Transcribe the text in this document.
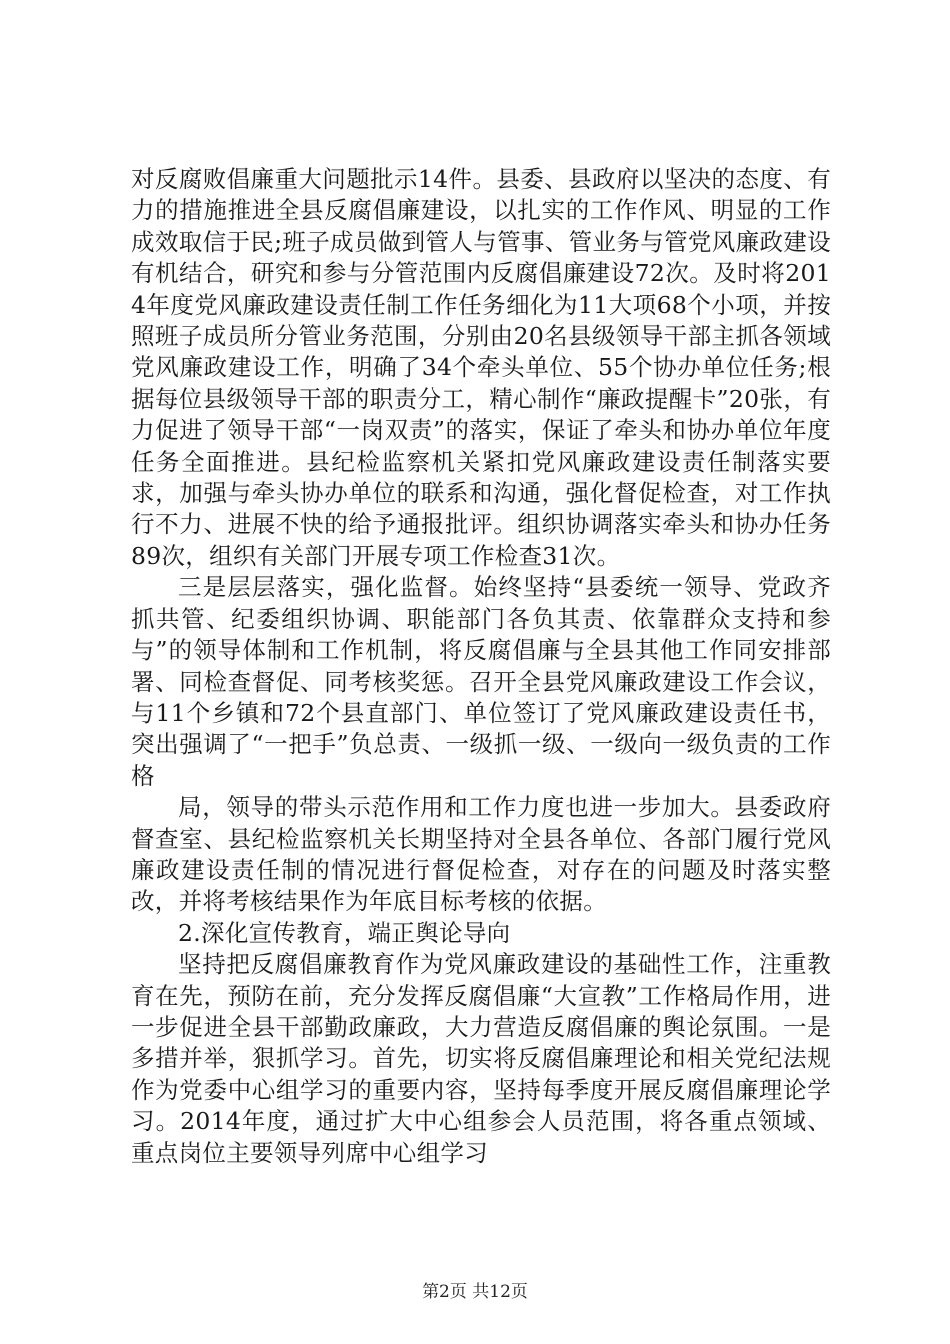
对反腐败倡廉重大问题批示14件。县委、县政府以坚决的态度、有力的措施推进全县反腐倡廉建设，以扎实的工作作风、明显的工作成效取信于民;班子成员做到管人与管事、管业务与管党风廉政建设有机结合，研究和参与分管范围内反腐倡廉建设72次。及时将2014年度党风廉政建设责任制工作任务细化为11大项68个小项，并按照班子成员所分管业务范围，分别由20名县级领导干部主抓各领域党风廉政建设工作，明确了34个牵头单位、55个协办单位任务;根据每位县级领导干部的职责分工，精心制作“廉政提醒卡”20张，有力促进了领导干部“一岗双责”的落实，保证了牵头和协办单位年度任务全面推进。县纪检监察机关紧扣党风廉政建设责任制落实要求，加强与牵头协办单位的联系和沟通，强化督促检查，对工作执行不力、进展不快的给予通报批评。组织协调落实牵头和协办任务89次，组织有关部门开展专项工作检查31次。

三是层层落实，强化监督。始终坚持“县委统一领导、党政齐抓共管、纪委组织协调、职能部门各负其责、依靠群众支持和参与”的领导体制和工作机制，将反腐倡廉与全县其他工作同安排部署、同检查督促、同考核奖惩。召开全县党风廉政建设工作会议，与11个乡镇和72个县直部门、单位签订了党风廉政建设责任书，突出强调了“一把手”负总责、一级抓一级、一级向一级负责的工作格

局，领导的带头示范作用和工作力度也进一步加大。县委政府督查室、县纪检监察机关长期坚持对全县各单位、各部门履行党风廉政建设责任制的情况进行督促检查，对存在的问题及时落实整改，并将考核结果作为年底目标考核的依据。

2.深化宣传教育，端正舆论导向

坚持把反腐倡廉教育作为党风廉政建设的基础性工作，注重教育在先，预防在前，充分发挥反腐倡廉“大宣教”工作格局作用，进一步促进全县干部勤政廉政，大力营造反腐倡廉的舆论氛围。一是多措并举，狠抓学习。首先，切实将反腐倡廉理论和相关党纪法规作为党委中心组学习的重要内容，坚持每季度开展反腐倡廉理论学习。2014年度，通过扩大中心组参会人员范围，将各重点领域、重点岗位主要领导列席中心组学习

第2页 共12页
